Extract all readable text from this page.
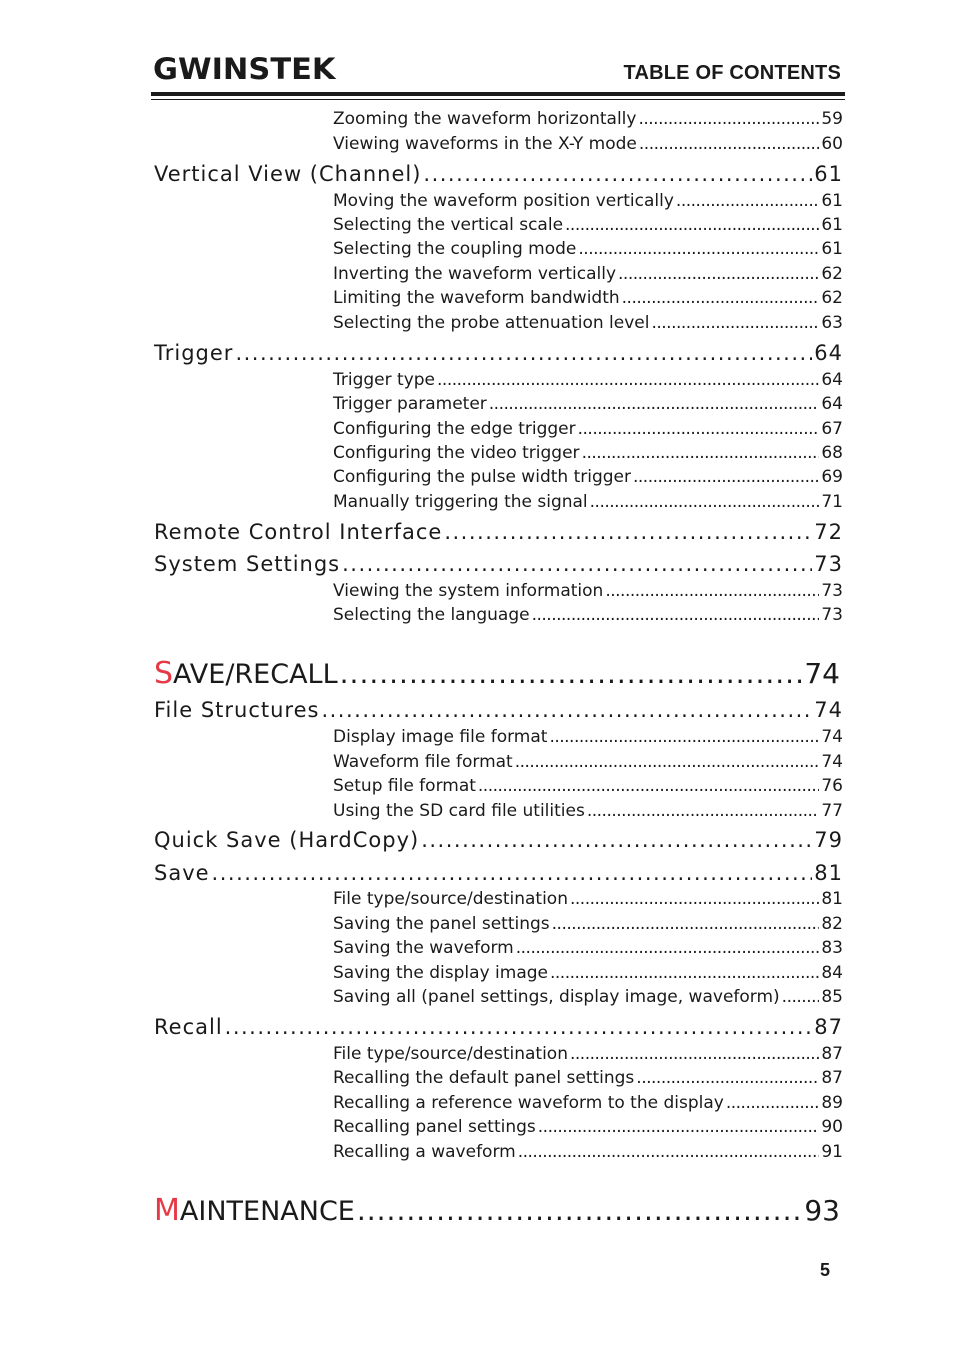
GWINSTEK	TABLE OF CONTENTS
Zooming the waveform horizontally .....	59
Viewing waveforms in the X-Y mode .....	60
Vertical View (Channel) .....	61
Moving the waveform position vertically .....	61
Selecting the vertical scale .....	61
Selecting the coupling mode .....	61
Inverting the waveform vertically .....	62
Limiting the waveform bandwidth .....	62
Selecting the probe attenuation level .....	63
Trigger .....	64
Trigger type .....	64
Trigger parameter .....	64
Configuring the edge trigger .....	67
Configuring the video trigger .....	68
Configuring the pulse width trigger .....	69
Manually triggering the signal .....	71
Remote Control Interface .....	72
System Settings .....	73
Viewing the system information .....	73
Selecting the language .....	73
SAVE/RECALL .....	74
File Structures .....	74
Display image file format .....	74
Waveform file format .....	74
Setup file format .....	76
Using the SD card file utilities .....	77
Quick Save (HardCopy) .....	79
Save .....	81
File type/source/destination .....	81
Saving the panel settings .....	82
Saving the waveform .....	83
Saving the display image .....	84
Saving all (panel settings, display image, waveform) ..... 85
Recall .....	87
File type/source/destination .....	87
Recalling the default panel settings .....	87
Recalling a reference waveform to the display .....	89
Recalling panel settings .....	90
Recalling a waveform .....	91
MAINTENANCE .....	93
5
